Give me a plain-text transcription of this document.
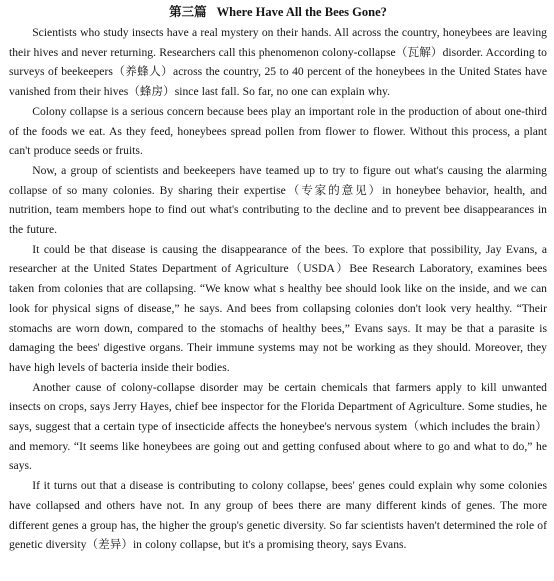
第三篇 Where Have All the Bees Gone?

Scientists who study insects have a real mystery on their hands. All across the country, honeybees are leaving their hives and never returning. Researchers call this phenomenon colony-collapse（瓦解）disorder. According to surveys of beekeepers（养蜂人）across the country, 25 to 40 percent of the honeybees in the United States have vanished from their hives（蜂房）since last fall. So far, no one can explain why.

Colony collapse is a serious concern because bees play an important role in the production of about one-third of the foods we eat. As they feed, honeybees spread pollen from flower to flower. Without this process, a plant can't produce seeds or fruits.

Now, a group of scientists and beekeepers have teamed up to try to figure out what's causing the alarming collapse of so many colonies. By sharing their expertise（专家的意见）in honeybee behavior, health, and nutrition, team members hope to find out what's contributing to the decline and to prevent bee disappearances in the future.

It could be that disease is causing the disappearance of the bees. To explore that possibility, Jay Evans, a researcher at the United States Department of Agriculture（USDA）Bee Research Laboratory, examines bees taken from colonies that are collapsing. “We know what s healthy bee should look like on the inside, and we can look for physical signs of disease,” he says. And bees from collapsing colonies don't look very healthy. “Their stomachs are worn down, compared to the stomachs of healthy bees,” Evans says. It may be that a parasite is damaging the bees' digestive organs. Their immune systems may not be working as they should. Moreover, they have high levels of bacteria inside their bodies.

Another cause of colony-collapse disorder may be certain chemicals that farmers apply to kill unwanted insects on crops, says Jerry Hayes, chief bee inspector for the Florida Department of Agriculture. Some studies, he says, suggest that a certain type of insecticide affects the honeybee's nervous system（which includes the brain）and memory. “It seems like honeybees are going out and getting confused about where to go and what to do,” he says.

If it turns out that a disease is contributing to colony collapse, bees' genes could explain why some colonies have collapsed and others have not. In any group of bees there are many different kinds of genes. The more different genes a group has, the higher the group's genetic diversity. So far scientists haven't determined the role of genetic diversity（差异）in colony collapse, but it's a promising theory, says Evans.
